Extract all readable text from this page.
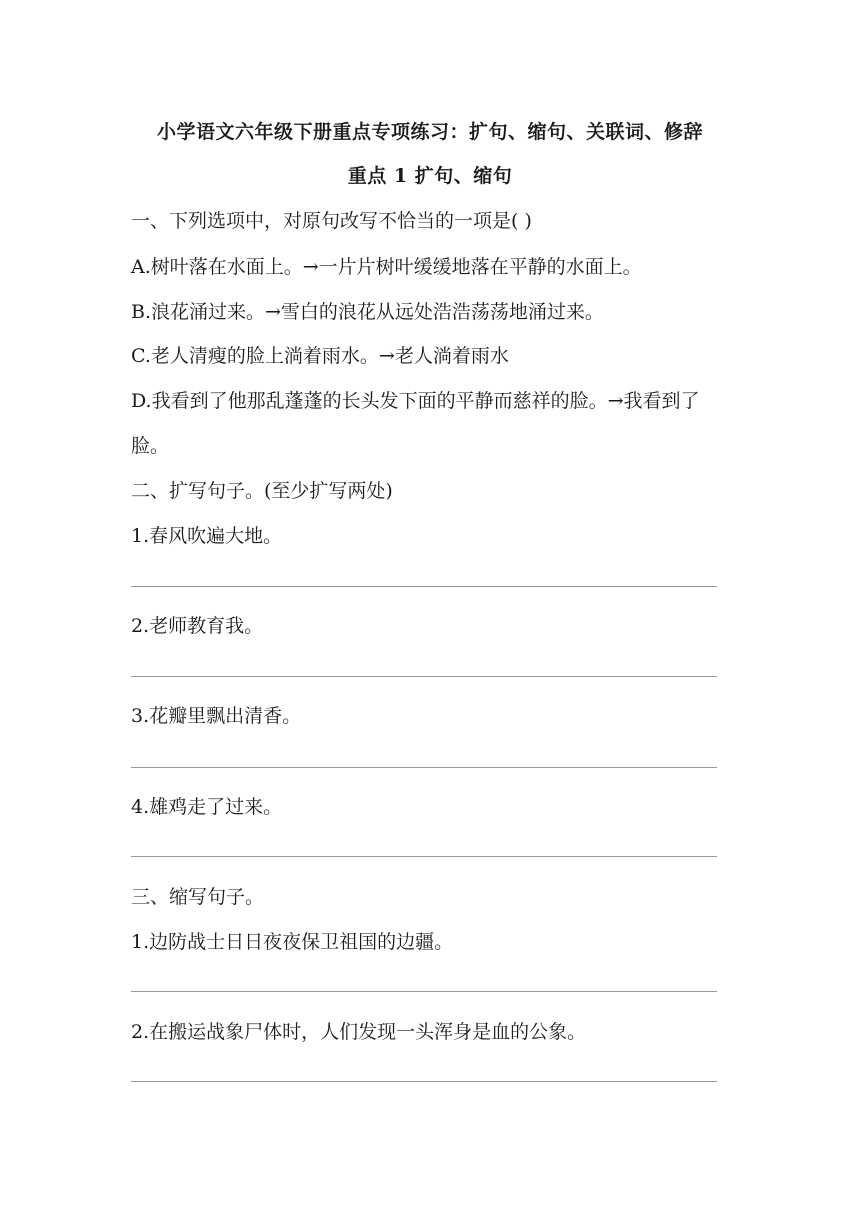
小学语文六年级下册重点专项练习：扩句、缩句、关联词、修辞
重点 1 扩句、缩句
一、下列选项中，对原句改写不恰当的一项是( )
A.树叶落在水面上。→一片片树叶缓缓地落在平静的水面上。
B.浪花涌过来。→雪白的浪花从远处浩浩荡荡地涌过来。
C.老人清瘦的脸上淌着雨水。→老人淌着雨水
D.我看到了他那乱蓬蓬的长头发下面的平静而慈祥的脸。→我看到了
脸。
二、扩写句子。(至少扩写两处)
1.春风吹遍大地。
2.老师教育我。
3.花瓣里飘出清香。
4.雄鸡走了过来。
三、缩写句子。
1.边防战士日日夜夜保卫祖国的边疆。
2.在搬运战象尸体时，人们发现一头浑身是血的公象。
